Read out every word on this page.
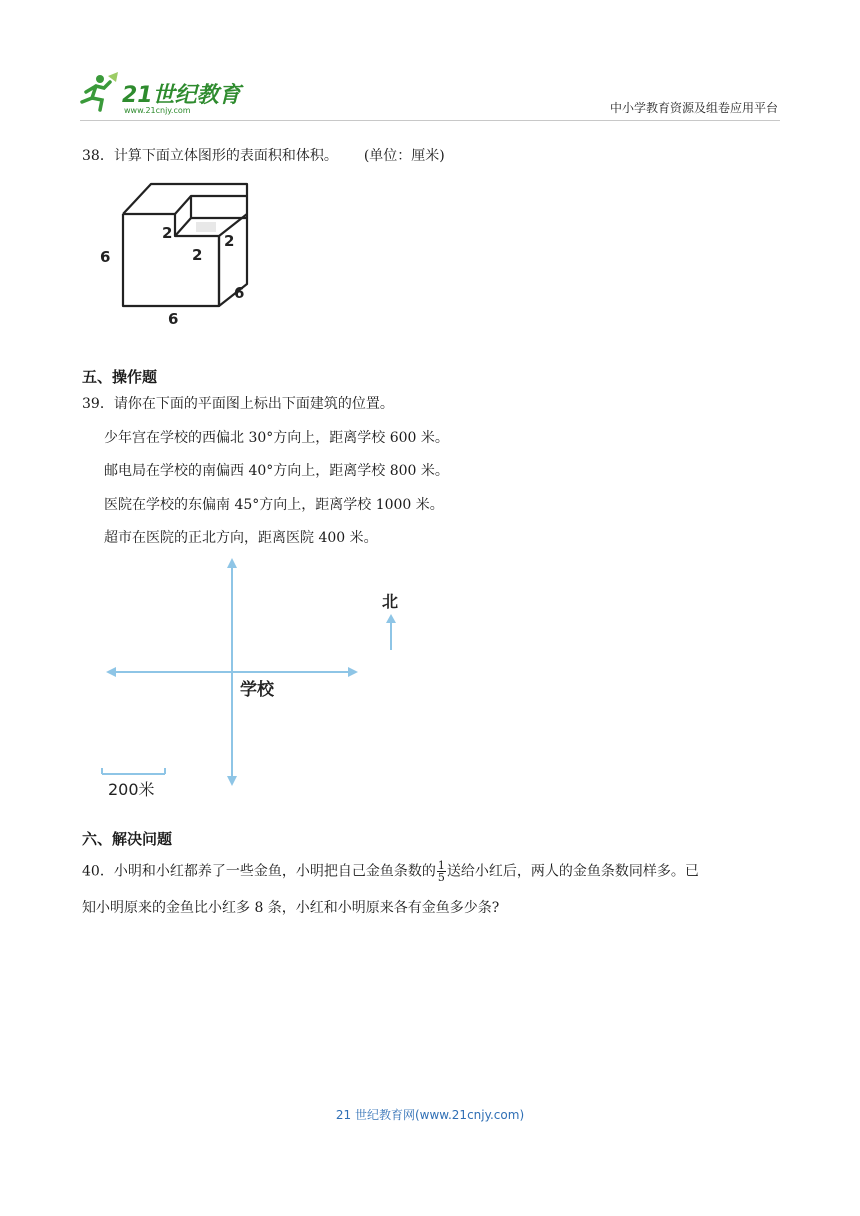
21世纪教育
www.21cnjy.com	中小学教育资源及组卷应用平台
38．计算下面立体图形的表面积和体积。 (单位：厘米)
6
6
6
2
2
2
五、操作题
39．请你在下面的平面图上标出下面建筑的位置。
少年宫在学校的西偏北 30°方向上，距离学校 600 米。
邮电局在学校的南偏西 40°方向上，距离学校 800 米。
医院在学校的东偏南 45°方向上，距离学校 1000 米。
超市在医院的正北方向，距离医院 400 米。
学校
北
200米
六、解决问题
40．小明和小红都养了一些金鱼，小明把自己金鱼条数的 $\frac{1}{5}$ 送给小红后，两人的金鱼条数同样多。已
知小明原来的金鱼比小红多 8 条，小红和小明原来各有金鱼多少条?
21 世纪教育网(www.21cnjy.com)
